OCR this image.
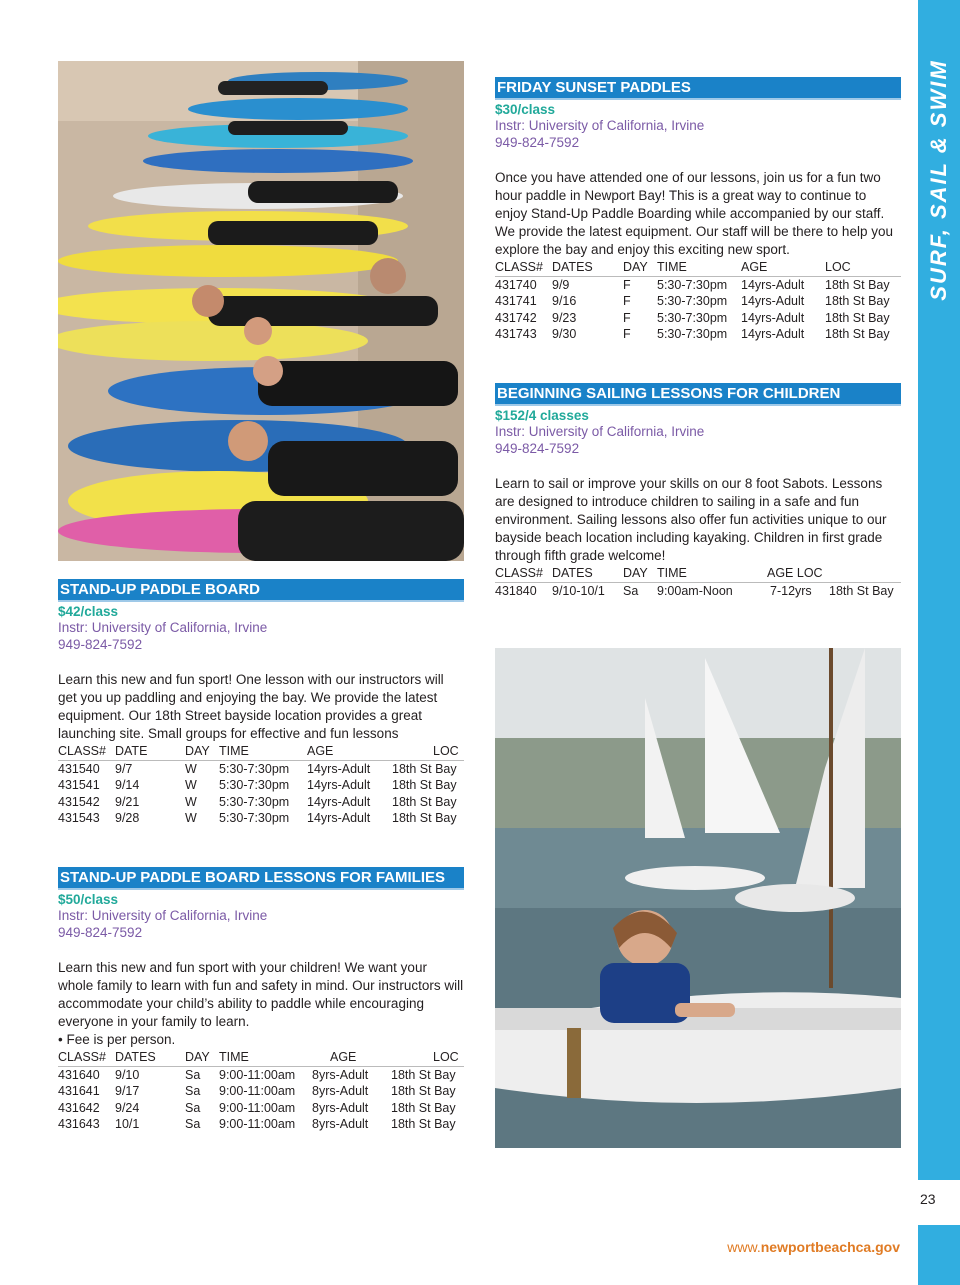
SURF, SAIL & SWIM
23
www.newportbeachca.gov
FRIDAY SUNSET PADDLES
$30/class
Instr: University of California, Irvine
949-824-7592
Once you have attended one of our lessons, join us for a fun two hour paddle in Newport Bay! This is a great way to continue to enjoy Stand-Up Paddle Boarding while accompanied by our staff. We provide the latest equipment. Our staff will be there to help you explore the bay and enjoy this exciting new sport.
CLASS# DATES	DAY TIME	AGE	LOC
431740	9/9	F	5:30-7:30pm	14yrs-Adult	18th St Bay
431741	9/16	F	5:30-7:30pm	14yrs-Adult	18th St Bay
431742	9/23	F	5:30-7:30pm	14yrs-Adult	18th St Bay
431743	9/30	F	5:30-7:30pm	14yrs-Adult	18th St Bay
BEGINNING SAILING LESSONS FOR CHILDREN
$152/4 classes
Instr: University of California, Irvine
949-824-7592
Learn to sail or improve your skills on our 8 foot Sabots. Lessons are designed to introduce children to sailing in a safe and fun environment. Sailing lessons also offer fun activities unique to our bayside beach location including kayaking. Children in first grade through fifth grade welcome!
CLASS# DATES	DAY TIME	AGE LOC
431840	9/10-10/1	Sa	9:00am-Noon	7-12yrs	18th St Bay
STAND-UP PADDLE BOARD
$42/class
Instr: University of California, Irvine
949-824-7592
Learn this new and fun sport! One lesson with our instructors will get you up paddling and enjoying the bay. We provide the latest equipment. Our 18th Street bayside location provides a great launching site. Small groups for effective and fun lessons
CLASS# DATE	DAY TIME	AGE	LOC
431540	9/7	W	5:30-7:30pm	14yrs-Adult	18th St Bay
431541	9/14	W	5:30-7:30pm	14yrs-Adult	18th St Bay
431542	9/21	W	5:30-7:30pm	14yrs-Adult	18th St Bay
431543	9/28	W	5:30-7:30pm	14yrs-Adult	18th St Bay
STAND-UP PADDLE BOARD LESSONS FOR FAMILIES
$50/class
Instr: University of California, Irvine
949-824-7592
Learn this new and fun sport with your children! We want your whole family to learn with fun and safety in mind. Our instructors will accommodate your child’s ability to paddle while encouraging everyone in your family to learn.
• Fee is per person.
CLASS# DATES	DAY TIME	AGE	LOC
431640	9/10	Sa	9:00-11:00am	8yrs-Adult	18th St Bay
431641	9/17	Sa	9:00-11:00am	8yrs-Adult	18th St Bay
431642	9/24	Sa	9:00-11:00am	8yrs-Adult	18th St Bay
431643	10/1	Sa	9:00-11:00am	8yrs-Adult	18th St Bay
